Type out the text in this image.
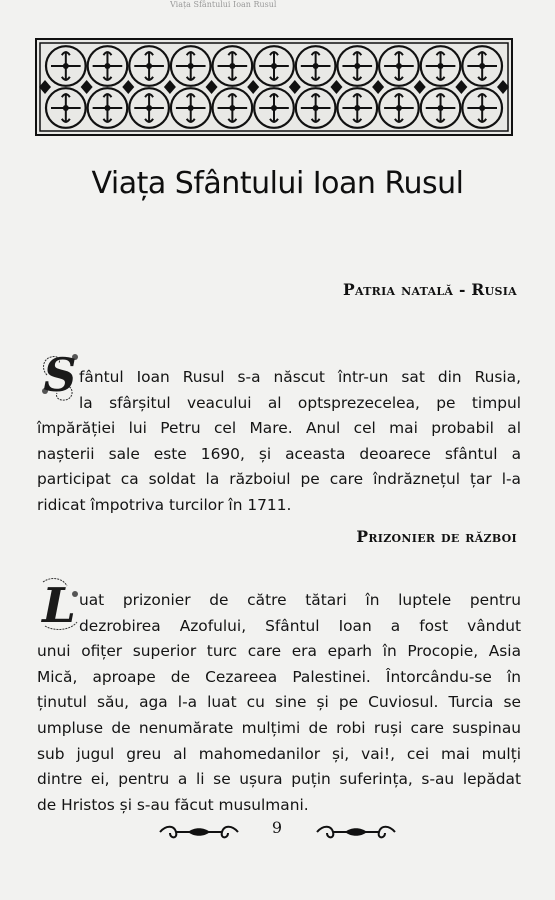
Viața Sfântului Ioan Rusul
Viața Sfântului Ioan Rusul
Patria natală - Rusia
S fântul Ioan Rusul s-a născut într-un sat din Rusia,
la sfârșitul veacului al optsprezecelea, pe timpul
împărăției lui Petru cel Mare. Anul cel mai probabil al
nașterii sale este 1690, și aceasta deoarece sfântul a
participat ca soldat la războiul pe care îndrăznețul țar l-a
ridicat împotriva turcilor în 1711.
Prizonier de război
L uat prizonier de către tătari în luptele pentru
dezrobirea Azofului, Sfântul Ioan a fost vândut
unui ofițer superior turc care era eparh în Procopie, Asia
Mică, aproape de Cezareea Palestinei. Întorcându-se în
ținutul său, aga l-a luat cu sine și pe Cuviosul. Turcia se
umpluse de nenumărate mulțimi de robi ruși care suspinau
sub jugul greu al mahomedanilor și, vai!, cei mai mulți
dintre ei, pentru a li se ușura puțin suferința, s-au lepădat
de Hristos și s-au făcut musulmani.
9
